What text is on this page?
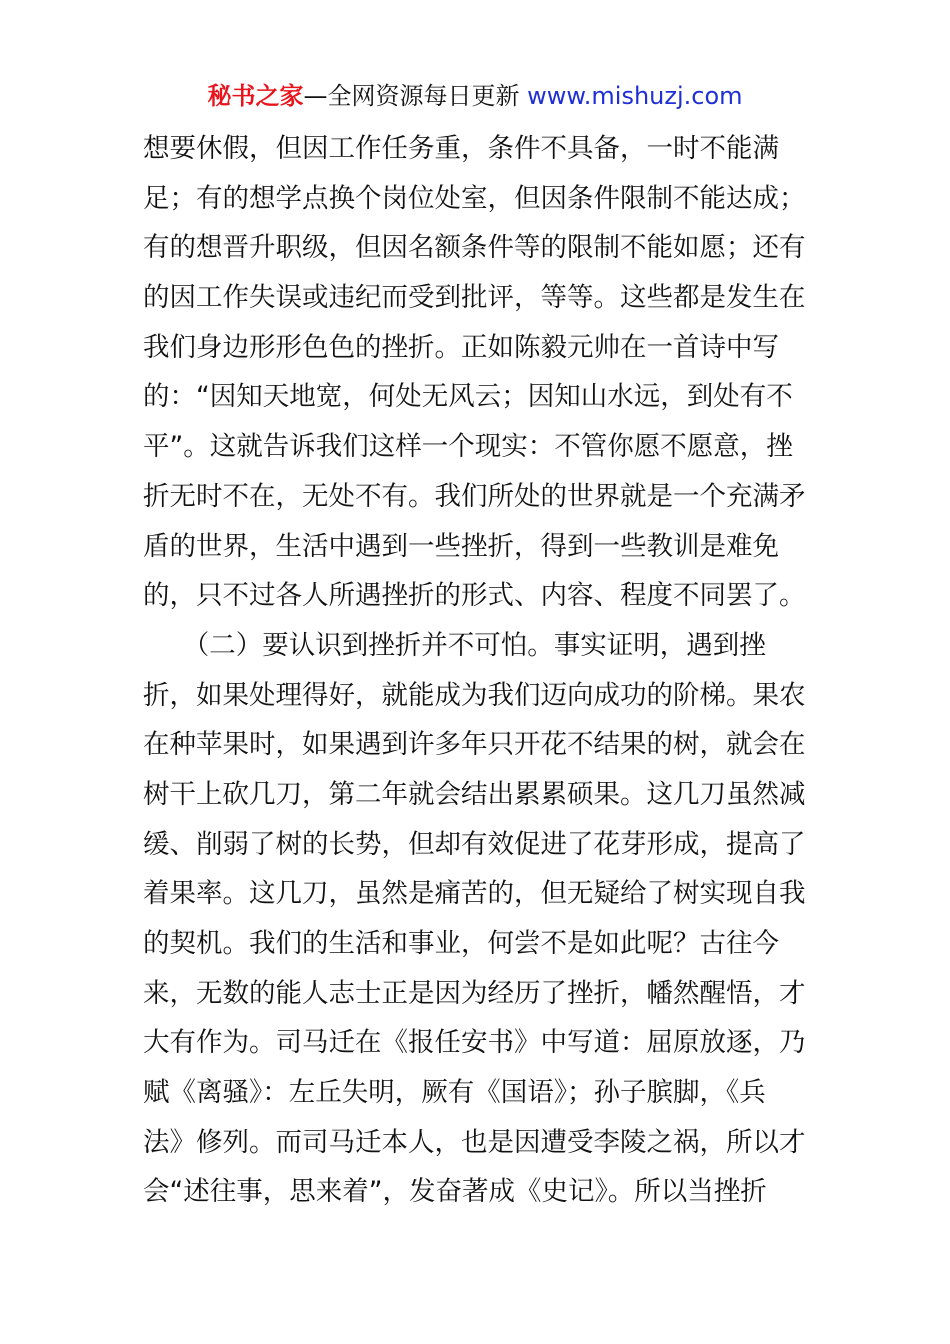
秘书之家—全网资源每日更新 www.mishuzj.com
想要休假，但因工作任务重，条件不具备，一时不能满
足；有的想学点换个岗位处室，但因条件限制不能达成；
有的想晋升职级，但因名额条件等的限制不能如愿；还有
的因工作失误或违纪而受到批评，等等。这些都是发生在
我们身边形形色色的挫折。正如陈毅元帅在一首诗中写
的：“因知天地宽，何处无风云；因知山水远，到处有不
平”。这就告诉我们这样一个现实：不管你愿不愿意，挫
折无时不在，无处不有。我们所处的世界就是一个充满矛
盾的世界，生活中遇到一些挫折，得到一些教训是难免
的，只不过各人所遇挫折的形式、内容、程度不同罢了。
　　（二）要认识到挫折并不可怕。事实证明，遇到挫
折，如果处理得好，就能成为我们迈向成功的阶梯。果农
在种苹果时，如果遇到许多年只开花不结果的树，就会在
树干上砍几刀，第二年就会结出累累硕果。这几刀虽然减
缓、削弱了树的长势，但却有效促进了花芽形成，提高了
着果率。这几刀，虽然是痛苦的，但无疑给了树实现自我
的契机。我们的生活和事业，何尝不是如此呢？古往今
来，无数的能人志士正是因为经历了挫折，幡然醒悟，才
大有作为。司马迁在《报任安书》中写道：屈原放逐，乃
赋《离骚》：左丘失明，厥有《国语》；孙子膑脚，《兵
法》修列。而司马迁本人，也是因遭受李陵之祸，所以才
会“述往事，思来着”，发奋著成《史记》。所以当挫折
